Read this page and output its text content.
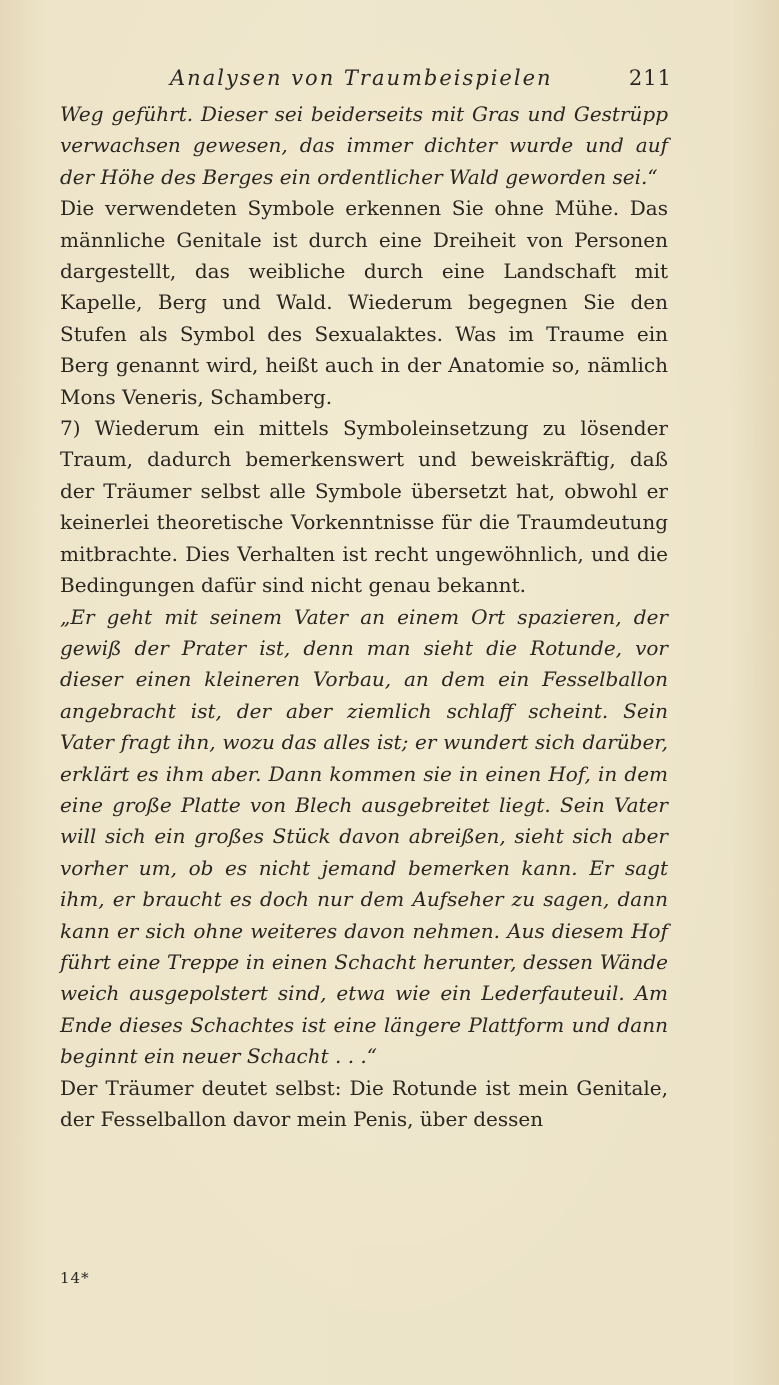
Analysen von Traumbeispielen	211

Weg geführt. Dieser sei beiderseits mit Gras und Gestrüpp verwachsen gewesen, das immer dichter wurde und auf der Höhe des Berges ein ordentlicher Wald geworden sei.“

Die verwendeten Symbole erkennen Sie ohne Mühe. Das männliche Genitale ist durch eine Dreiheit von Personen dargestellt, das weibliche durch eine Landschaft mit Kapelle, Berg und Wald. Wiederum begegnen Sie den Stufen als Symbol des Sexualaktes. Was im Traume ein Berg genannt wird, heißt auch in der Anatomie so, nämlich Mons Veneris, Schamberg.

7) Wiederum ein mittels Symboleinsetzung zu lösender Traum, dadurch bemerkenswert und beweiskräftig, daß der Träumer selbst alle Symbole übersetzt hat, obwohl er keinerlei theoretische Vorkenntnisse für die Traumdeutung mitbrachte. Dies Verhalten ist recht ungewöhnlich, und die Bedingungen dafür sind nicht genau bekannt.

„Er geht mit seinem Vater an einem Ort spazieren, der gewiß der Prater ist, denn man sieht die Rotunde, vor dieser einen kleineren Vorbau, an dem ein Fesselballon angebracht ist, der aber ziemlich schlaff scheint. Sein Vater fragt ihn, wozu das alles ist; er wundert sich darüber, erklärt es ihm aber. Dann kommen sie in einen Hof, in dem eine große Platte von Blech ausgebreitet liegt. Sein Vater will sich ein großes Stück davon abreißen, sieht sich aber vorher um, ob es nicht jemand bemerken kann. Er sagt ihm, er braucht es doch nur dem Aufseher zu sagen, dann kann er sich ohne weiteres davon nehmen. Aus diesem Hof führt eine Treppe in einen Schacht herunter, dessen Wände weich ausgepolstert sind, etwa wie ein Lederfauteuil. Am Ende dieses Schachtes ist eine längere Plattform und dann beginnt ein neuer Schacht . . .“

Der Träumer deutet selbst: Die Rotunde ist mein Genitale, der Fesselballon davor mein Penis, über dessen

14*
